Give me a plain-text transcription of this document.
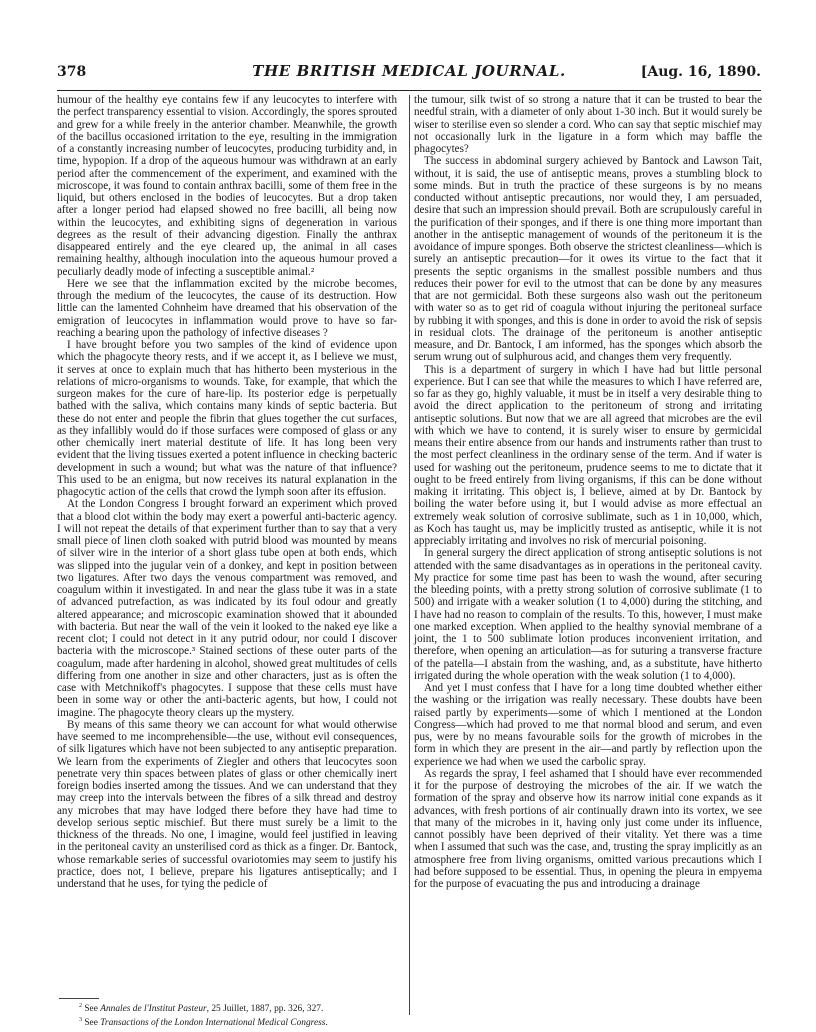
378	THE BRITISH MEDICAL JOURNAL.	[Aug. 16, 1890.

humour of the healthy eye contains few if any leucocytes to interfere with the perfect transparency essential to vision. Accordingly, the spores sprouted and grew for a while freely in the anterior chamber. Meanwhile, the growth of the bacillus occasioned irritation to the eye, resulting in the immigration of a constantly increasing number of leucocytes, producing turbidity and, in time, hypopion. If a drop of the aqueous humour was withdrawn at an early period after the commencement of the experiment, and examined with the microscope, it was found to contain anthrax bacilli, some of them free in the liquid, but others enclosed in the bodies of leucocytes. But a drop taken after a longer period had elapsed showed no free bacilli, all being now within the leucocytes, and exhibiting signs of degeneration in various degrees as the result of their advancing digestion. Finally the anthrax disappeared entirely and the eye cleared up, the animal in all cases remaining healthy, although inoculation into the aqueous humour proved a peculiarly deadly mode of infecting a susceptible animal.²

Here we see that the inflammation excited by the microbe becomes, through the medium of the leucocytes, the cause of its destruction. How little can the lamented Cohnheim have dreamed that his observation of the emigration of leucocytes in inflammation would prove to have so far-reaching a bearing upon the pathology of infective diseases ?

I have brought before you two samples of the kind of evidence upon which the phagocyte theory rests, and if we accept it, as I believe we must, it serves at once to explain much that has hitherto been mysterious in the relations of micro-organisms to wounds. Take, for example, that which the surgeon makes for the cure of hare-lip. Its posterior edge is perpetually bathed with the saliva, which contains many kinds of septic bacteria. But these do not enter and people the fibrin that glues together the cut surfaces, as they infallibly would do if those surfaces were composed of glass or any other chemically inert material destitute of life. It has long been very evident that the living tissues exerted a potent influence in checking bacteric development in such a wound; but what was the nature of that influence? This used to be an enigma, but now receives its natural explanation in the phagocytic action of the cells that crowd the lymph soon after its effusion.

At the London Congress I brought forward an experiment which proved that a blood clot within the body may exert a powerful anti-bacteric agency. I will not repeat the details of that experiment further than to say that a very small piece of linen cloth soaked with putrid blood was mounted by means of silver wire in the interior of a short glass tube open at both ends, which was slipped into the jugular vein of a donkey, and kept in position between two ligatures. After two days the venous compartment was removed, and coagulum within it investigated. In and near the glass tube it was in a state of advanced putrefaction, as was indicated by its foul odour and greatly altered appearance; and microscopic examination showed that it abounded with bacteria. But near the wall of the vein it looked to the naked eye like a recent clot; I could not detect in it any putrid odour, nor could I discover bacteria with the microscope.³ Stained sections of these outer parts of the coagulum, made after hardening in alcohol, showed great multitudes of cells differing from one another in size and other characters, just as is often the case with Metchnikoff's phagocytes. I suppose that these cells must have been in some way or other the anti-bacteric agents, but how, I could not imagine. The phagocyte theory clears up the mystery.

By means of this same theory we can account for what would otherwise have seemed to me incomprehensible—the use, without evil consequences, of silk ligatures which have not been subjected to any antiseptic preparation. We learn from the experiments of Ziegler and others that leucocytes soon penetrate very thin spaces between plates of glass or other chemically inert foreign bodies inserted among the tissues. And we can understand that they may creep into the intervals between the fibres of a silk thread and destroy any microbes that may have lodged there before they have had time to develop serious septic mischief. But there must surely be a limit to the thickness of the threads. No one, I imagine, would feel justified in leaving in the peritoneal cavity an unsterilised cord as thick as a finger. Dr. Bantock, whose remarkable series of successful ovariotomies may seem to justify his practice, does not, I believe, prepare his ligatures antiseptically; and I understand that he uses, for tying the pedicle of

the tumour, silk twist of so strong a nature that it can be trusted to bear the needful strain, with a diameter of only about 1-30 inch. But it would surely be wiser to sterilise even so slender a cord. Who can say that septic mischief may not occasionally lurk in the ligature in a form which may baffle the phagocytes?

The success in abdominal surgery achieved by Bantock and Lawson Tait, without, it is said, the use of antiseptic means, proves a stumbling block to some minds. But in truth the practice of these surgeons is by no means conducted without antiseptic precautions, nor would they, I am persuaded, desire that such an impression should prevail. Both are scrupulously careful in the purification of their sponges, and if there is one thing more important than another in the antiseptic management of wounds of the peritoneum it is the avoidance of impure sponges. Both observe the strictest cleanliness—which is surely an antiseptic precaution—for it owes its virtue to the fact that it presents the septic organisms in the smallest possible numbers and thus reduces their power for evil to the utmost that can be done by any measures that are not germicidal. Both these surgeons also wash out the peritoneum with water so as to get rid of coagula without injuring the peritoneal surface by rubbing it with sponges, and this is done in order to avoid the risk of sepsis in residual clots. The drainage of the peritoneum is another antiseptic measure, and Dr. Bantock, I am informed, has the sponges which absorb the serum wrung out of sulphurous acid, and changes them very frequently.

This is a department of surgery in which I have had but little personal experience. But I can see that while the measures to which I have referred are, so far as they go, highly valuable, it must be in itself a very desirable thing to avoid the direct application to the peritoneum of strong and irritating antiseptic solutions. But now that we are all agreed that microbes are the evil with which we have to contend, it is surely wiser to ensure by germicidal means their entire absence from our hands and instruments rather than trust to the most perfect cleanliness in the ordinary sense of the term. And if water is used for washing out the peritoneum, prudence seems to me to dictate that it ought to be freed entirely from living organisms, if this can be done without making it irritating. This object is, I believe, aimed at by Dr. Bantock by boiling the water before using it, but I would advise as more effectual an extremely weak solution of corrosive sublimate, such as 1 in 10,000, which, as Koch has taught us, may be implicitly trusted as antiseptic, while it is not appreciably irritating and involves no risk of mercurial poisoning.

In general surgery the direct application of strong antiseptic solutions is not attended with the same disadvantages as in operations in the peritoneal cavity. My practice for some time past has been to wash the wound, after securing the bleeding points, with a pretty strong solution of corrosive sublimate (1 to 500) and irrigate with a weaker solution (1 to 4,000) during the stitching, and I have had no reason to complain of the results. To this, however, I must make one marked exception. When applied to the healthy synovial membrane of a joint, the 1 to 500 sublimate lotion produces inconvenient irritation, and therefore, when opening an articulation—as for suturing a transverse fracture of the patella—I abstain from the washing, and, as a substitute, have hitherto irrigated during the whole operation with the weak solution (1 to 4,000).

And yet I must confess that I have for a long time doubted whether either the washing or the irrigation was really necessary. These doubts have been raised partly by experiments—some of which I mentioned at the London Congress—which had proved to me that normal blood and serum, and even pus, were by no means favourable soils for the growth of microbes in the form in which they are present in the air—and partly by reflection upon the experience we had when we used the carbolic spray.

As regards the spray, I feel ashamed that I should have ever recommended it for the purpose of destroying the microbes of the air. If we watch the formation of the spray and observe how its narrow initial cone expands as it advances, with fresh portions of air continually drawn into its vortex, we see that many of the microbes in it, having only just come under its influence, cannot possibly have been deprived of their vitality. Yet there was a time when I assumed that such was the case, and, trusting the spray implicitly as an atmosphere free from living organisms, omitted various precautions which I had before supposed to be essential. Thus, in opening the pleura in empyema for the purpose of evacuating the pus and introducing a drainage

$^2$ See Annales de l'Institut Pasteur, 25 Juillet, 1887, pp. 326, 327.
$^3$ See Transactions of the London International Medical Congress.
